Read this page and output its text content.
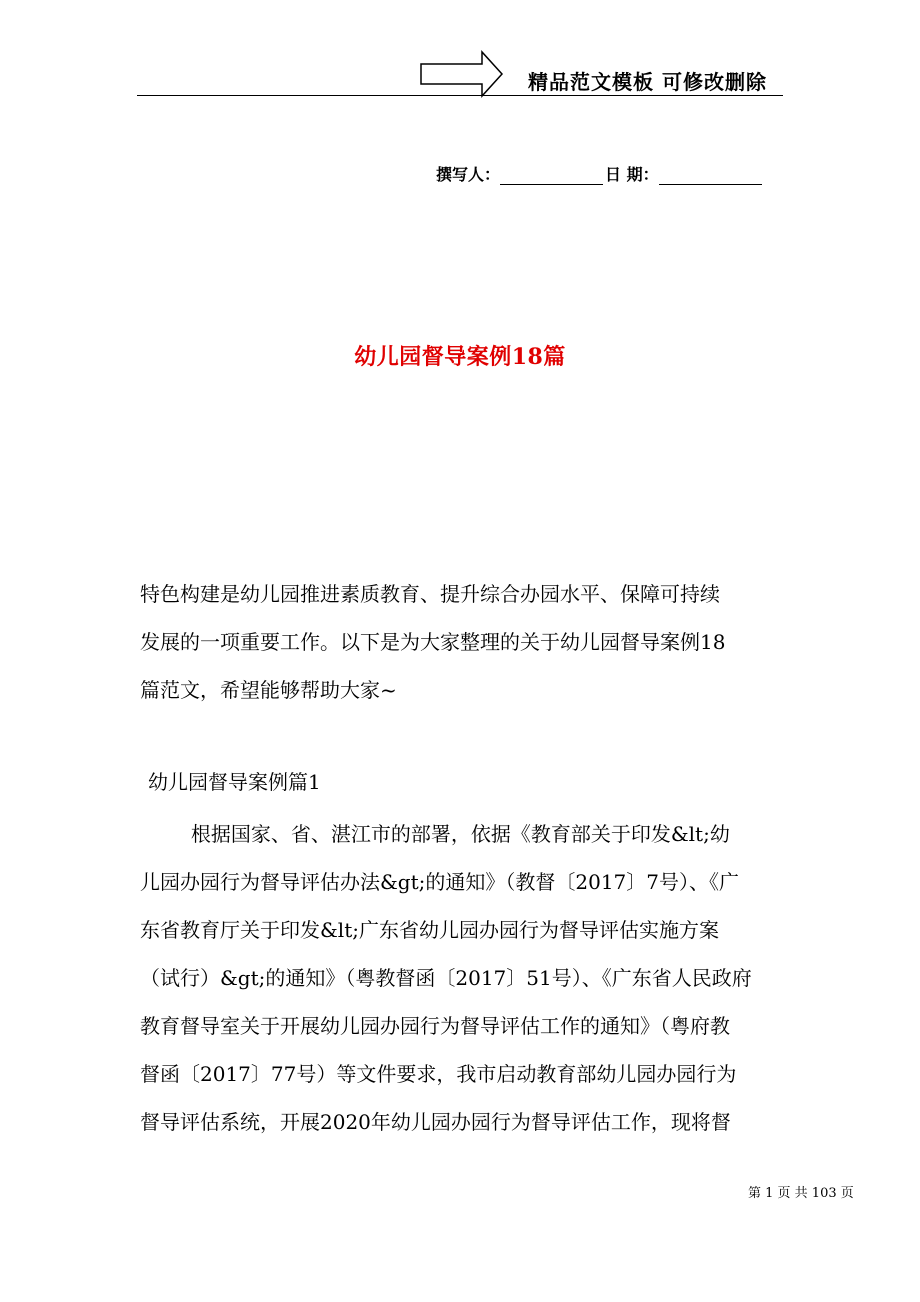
精品范文模板 可修改删除
撰写人：	日 期：
幼儿园督导案例18篇
特色构建是幼儿园推进素质教育、提升综合办园水平、保障可持续
发展的一项重要工作。以下是为大家整理的关于幼儿园督导案例18
篇范文，希望能够帮助大家~
幼儿园督导案例篇1
根据国家、省、湛江市的部署，依据《教育部关于印发&lt;幼
儿园办园行为督导评估办法&gt;的通知》（教督〔2017〕7号）、《广
东省教育厅关于印发&lt;广东省幼儿园办园行为督导评估实施方案
（试行）&gt;的通知》（粤教督函〔2017〕51号）、《广东省人民政府
教育督导室关于开展幼儿园办园行为督导评估工作的通知》（粤府教
督函〔2017〕77号）等文件要求，我市启动教育部幼儿园办园行为
督导评估系统，开展2020年幼儿园办园行为督导评估工作，现将督
第 1 页 共 103 页
